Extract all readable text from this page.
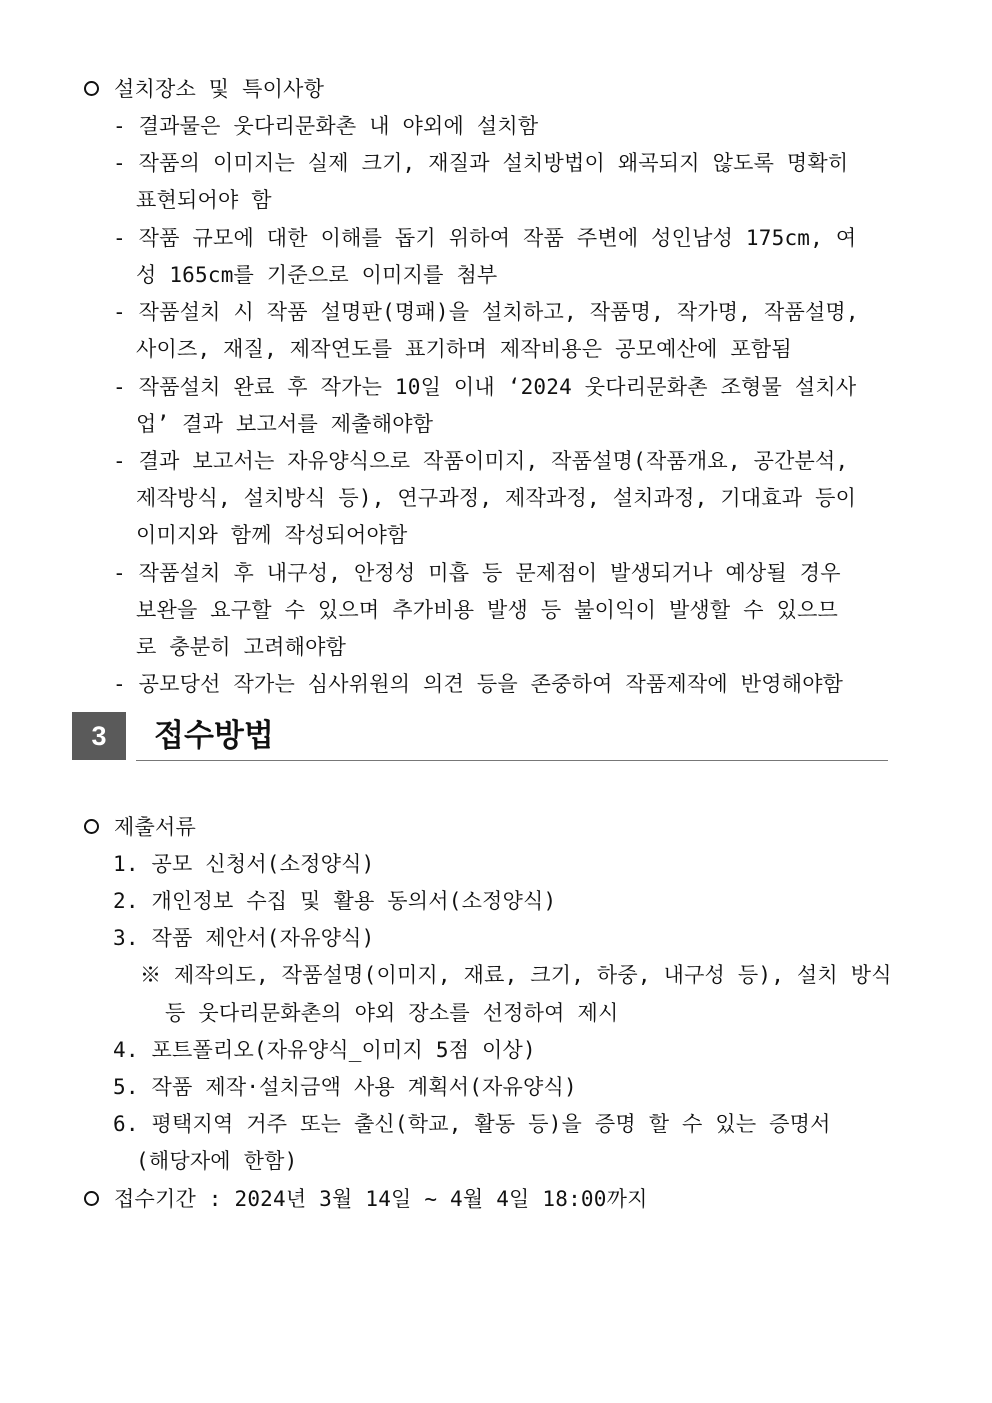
설치장소 및 특이사항
- 결과물은 웃다리문화촌 내 야외에 설치함
- 작품의 이미지는 실제 크기, 재질과 설치방법이 왜곡되지 않도록 명확히
표현되어야 함
- 작품 규모에 대한 이해를 돕기 위하여 작품 주변에 성인남성 175cm, 여
성 165cm를 기준으로 이미지를 첨부
- 작품설치 시 작품 설명판(명패)을 설치하고, 작품명, 작가명, 작품설명,
사이즈, 재질, 제작연도를 표기하며 제작비용은 공모예산에 포함됨
- 작품설치 완료 후 작가는 10일 이내 ‘2024 웃다리문화촌 조형물 설치사
업’ 결과 보고서를 제출해야함
- 결과 보고서는 자유양식으로 작품이미지, 작품설명(작품개요, 공간분석,
제작방식, 설치방식 등), 연구과정, 제작과정, 설치과정, 기대효과 등이
이미지와 함께 작성되어야함
- 작품설치 후 내구성, 안정성 미흡 등 문제점이 발생되거나 예상될 경우
보완을 요구할 수 있으며 추가비용 발생 등 불이익이 발생할 수 있으므
로 충분히 고려해야함
- 공모당선 작가는 심사위원의 의견 등을 존중하여 작품제작에 반영해야함
3	접수방법
제출서류
1. 공모 신청서(소정양식)
2. 개인정보 수집 및 활용 동의서(소정양식)
3. 작품 제안서(자유양식)
※ 제작의도, 작품설명(이미지, 재료, 크기, 하중, 내구성 등), 설치 방식
등 웃다리문화촌의 야외 장소를 선정하여 제시
4. 포트폴리오(자유양식_이미지 5점 이상)
5. 작품 제작·설치금액 사용 계획서(자유양식)
6. 평택지역 거주 또는 출신(학교, 활동 등)을 증명 할 수 있는 증명서
(해당자에 한함)
접수기간 : 2024년 3월 14일 ~ 4월 4일 18:00까지
